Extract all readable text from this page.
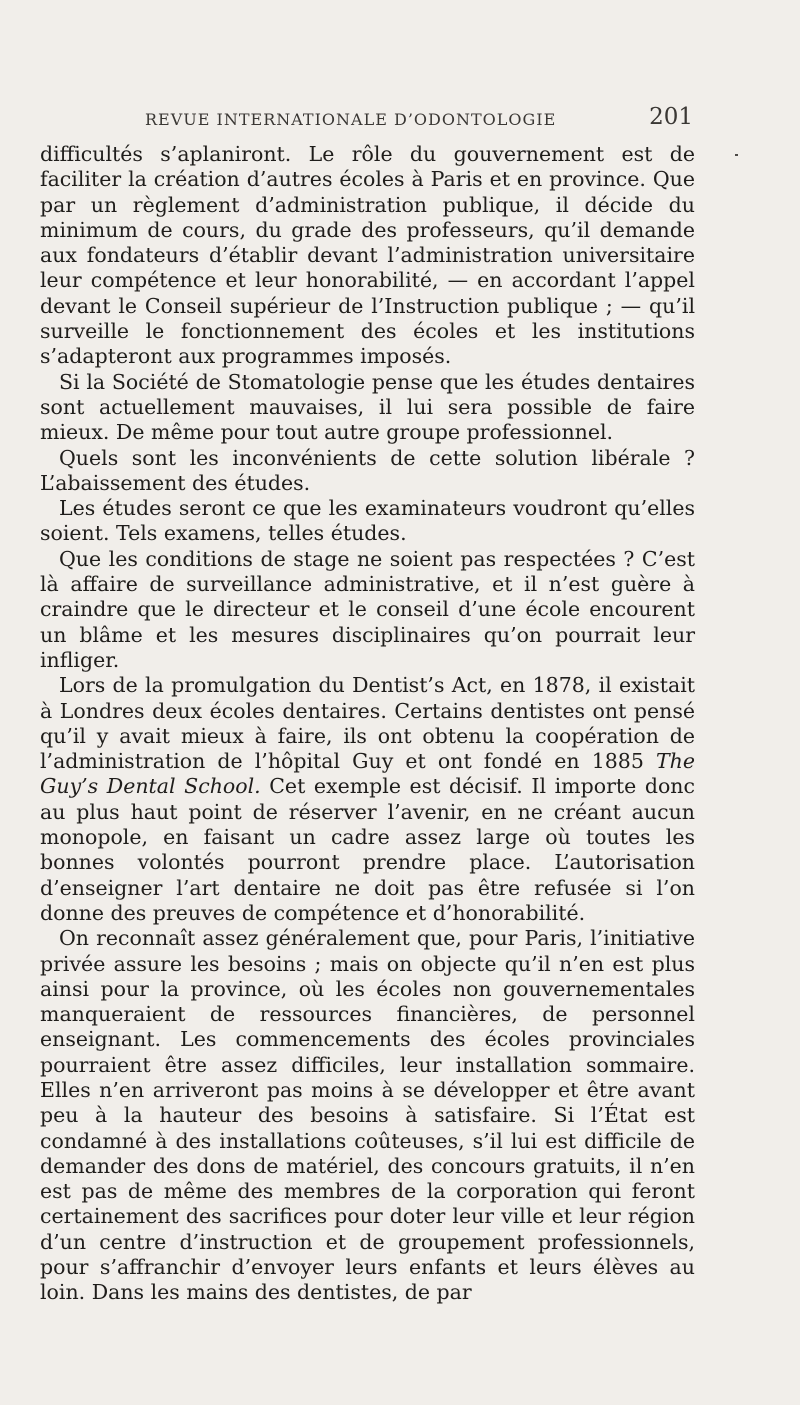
REVUE INTERNATIONALE D’ODONTOLOGIE	201

difficultés s’aplaniront. Le rôle du gouvernement est de faciliter la création d’autres écoles à Paris et en province. Que par un règlement d’administration publique, il décide du minimum de cours, du grade des professeurs, qu’il demande aux fondateurs d’établir devant l’administration universitaire leur compétence et leur honorabilité, — en accordant l’appel devant le Conseil supérieur de l’Instruction publique ; — qu’il surveille le fonctionnement des écoles et les institutions s’adapteront aux programmes imposés.

Si la Société de Stomatologie pense que les études dentaires sont actuellement mauvaises, il lui sera possible de faire mieux. De même pour tout autre groupe professionnel.

Quels sont les inconvénients de cette solution libérale ? L’abaissement des études.

Les études seront ce que les examinateurs voudront qu’elles soient. Tels examens, telles études.

Que les conditions de stage ne soient pas respectées ? C’est là affaire de surveillance administrative, et il n’est guère à craindre que le directeur et le conseil d’une école encourent un blâme et les mesures disciplinaires qu’on pourrait leur infliger.

Lors de la promulgation du Dentist’s Act, en 1878, il existait à Londres deux écoles dentaires. Certains dentistes ont pensé qu’il y avait mieux à faire, ils ont obtenu la coopération de l’administration de l’hôpital Guy et ont fondé en 1885 The Guy’s Dental School. Cet exemple est décisif. Il importe donc au plus haut point de réserver l’avenir, en ne créant aucun monopole, en faisant un cadre assez large où toutes les bonnes volontés pourront prendre place. L’autorisation d’enseigner l’art dentaire ne doit pas être refusée si l’on donne des preuves de compétence et d’honorabilité.

On reconnaît assez généralement que, pour Paris, l’initiative privée assure les besoins ; mais on objecte qu’il n’en est plus ainsi pour la province, où les écoles non gouvernementales manqueraient de ressources financières, de personnel enseignant. Les commencements des écoles provinciales pourraient être assez difficiles, leur installation sommaire. Elles n’en arriveront pas moins à se développer et être avant peu à la hauteur des besoins à satisfaire. Si l’État est condamné à des installations coûteuses, s’il lui est difficile de demander des dons de matériel, des concours gratuits, il n’en est pas de même des membres de la corporation qui feront certainement des sacrifices pour doter leur ville et leur région d’un centre d’instruction et de groupement professionnels, pour s’affranchir d’envoyer leurs enfants et leurs élèves au loin. Dans les mains des dentistes, de par
